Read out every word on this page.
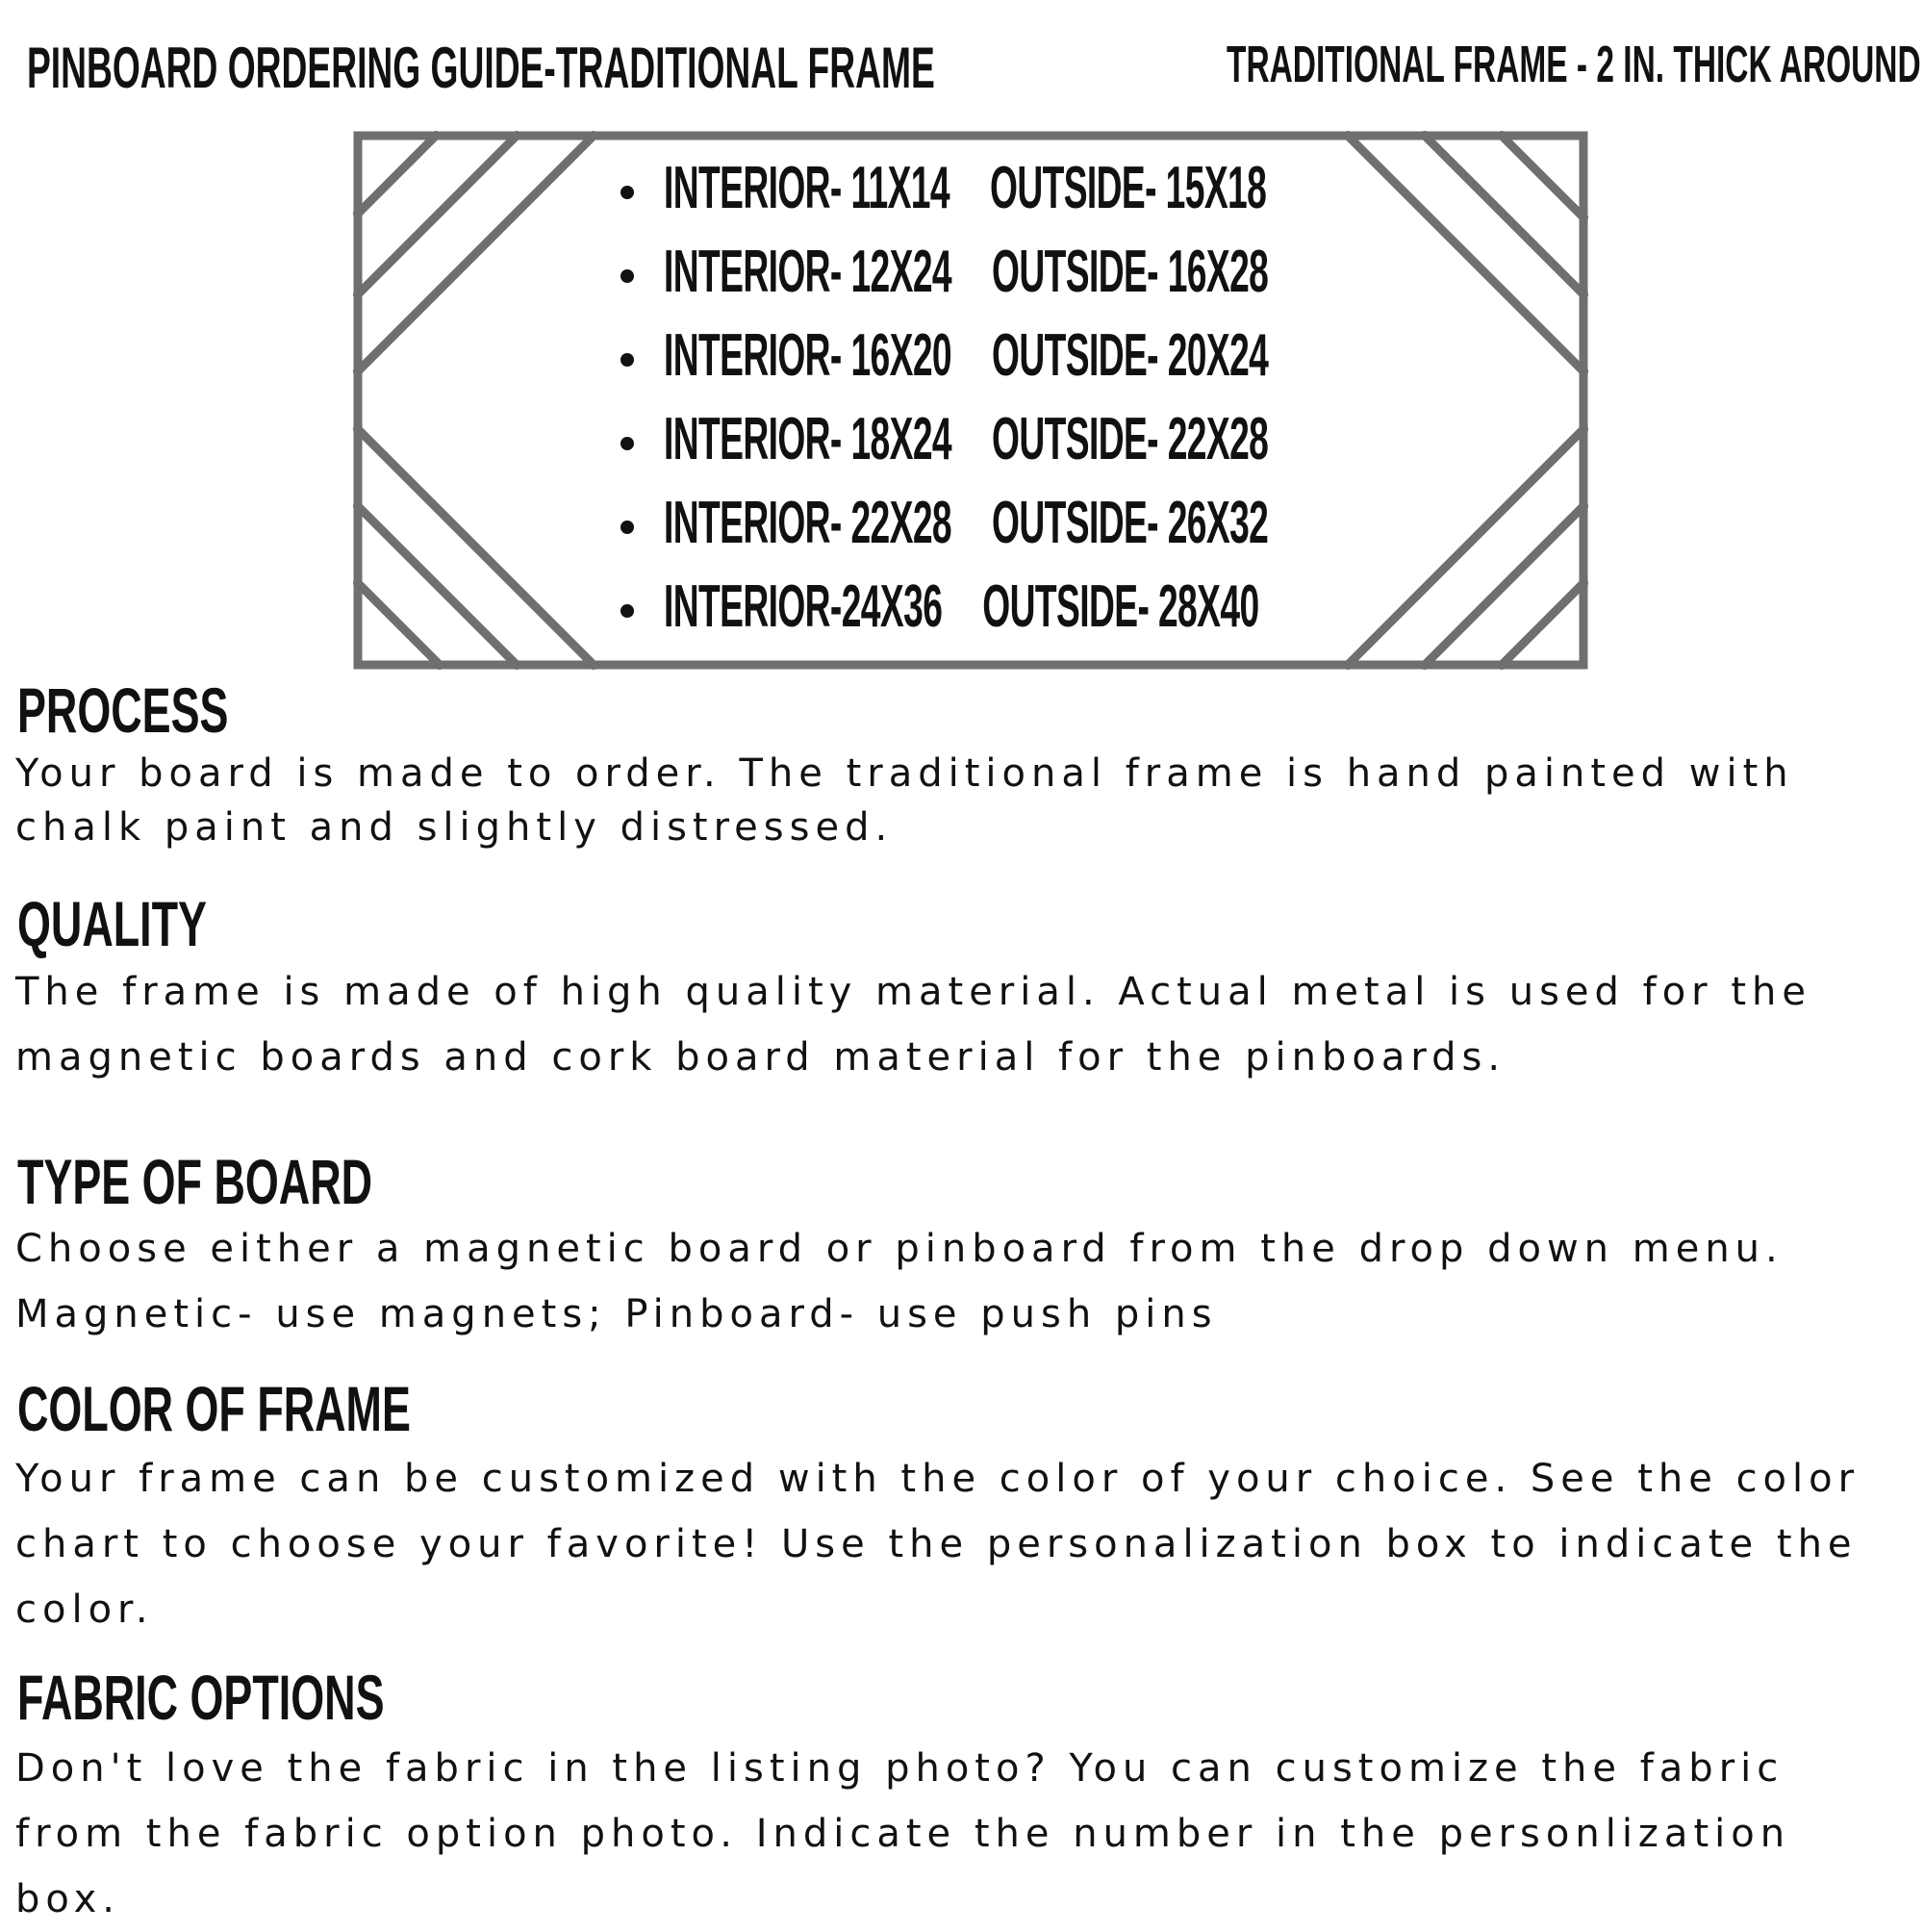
PINBOARD ORDERING GUIDE-TRADITIONAL FRAME	TRADITIONAL FRAME - 2 IN. THICK AROUND
INTERIOR- 11X14 OUTSIDE- 15X18
INTERIOR- 12X24 OUTSIDE- 16X28
INTERIOR- 16X20 OUTSIDE- 20X24
INTERIOR- 18X24 OUTSIDE- 22X28
INTERIOR- 22X28 OUTSIDE- 26X32
INTERIOR-24X36 OUTSIDE- 28X40
PROCESS

Your board is made to order. The traditional frame is hand painted with chalk paint and slightly distressed.

QUALITY

The frame is made of high quality material. Actual metal is used for the magnetic boards and cork board material for the pinboards.

TYPE OF BOARD

Choose either a magnetic board or pinboard from the drop down menu.
Magnetic- use magnets; Pinboard- use push pins

COLOR OF FRAME

Your frame can be customized with the color of your choice. See the color chart to choose your favorite! Use the personalization box to indicate the color.

FABRIC OPTIONS

Don't love the fabric in the listing photo? You can customize the fabric from the fabric option photo. Indicate the number in the personlization box.
